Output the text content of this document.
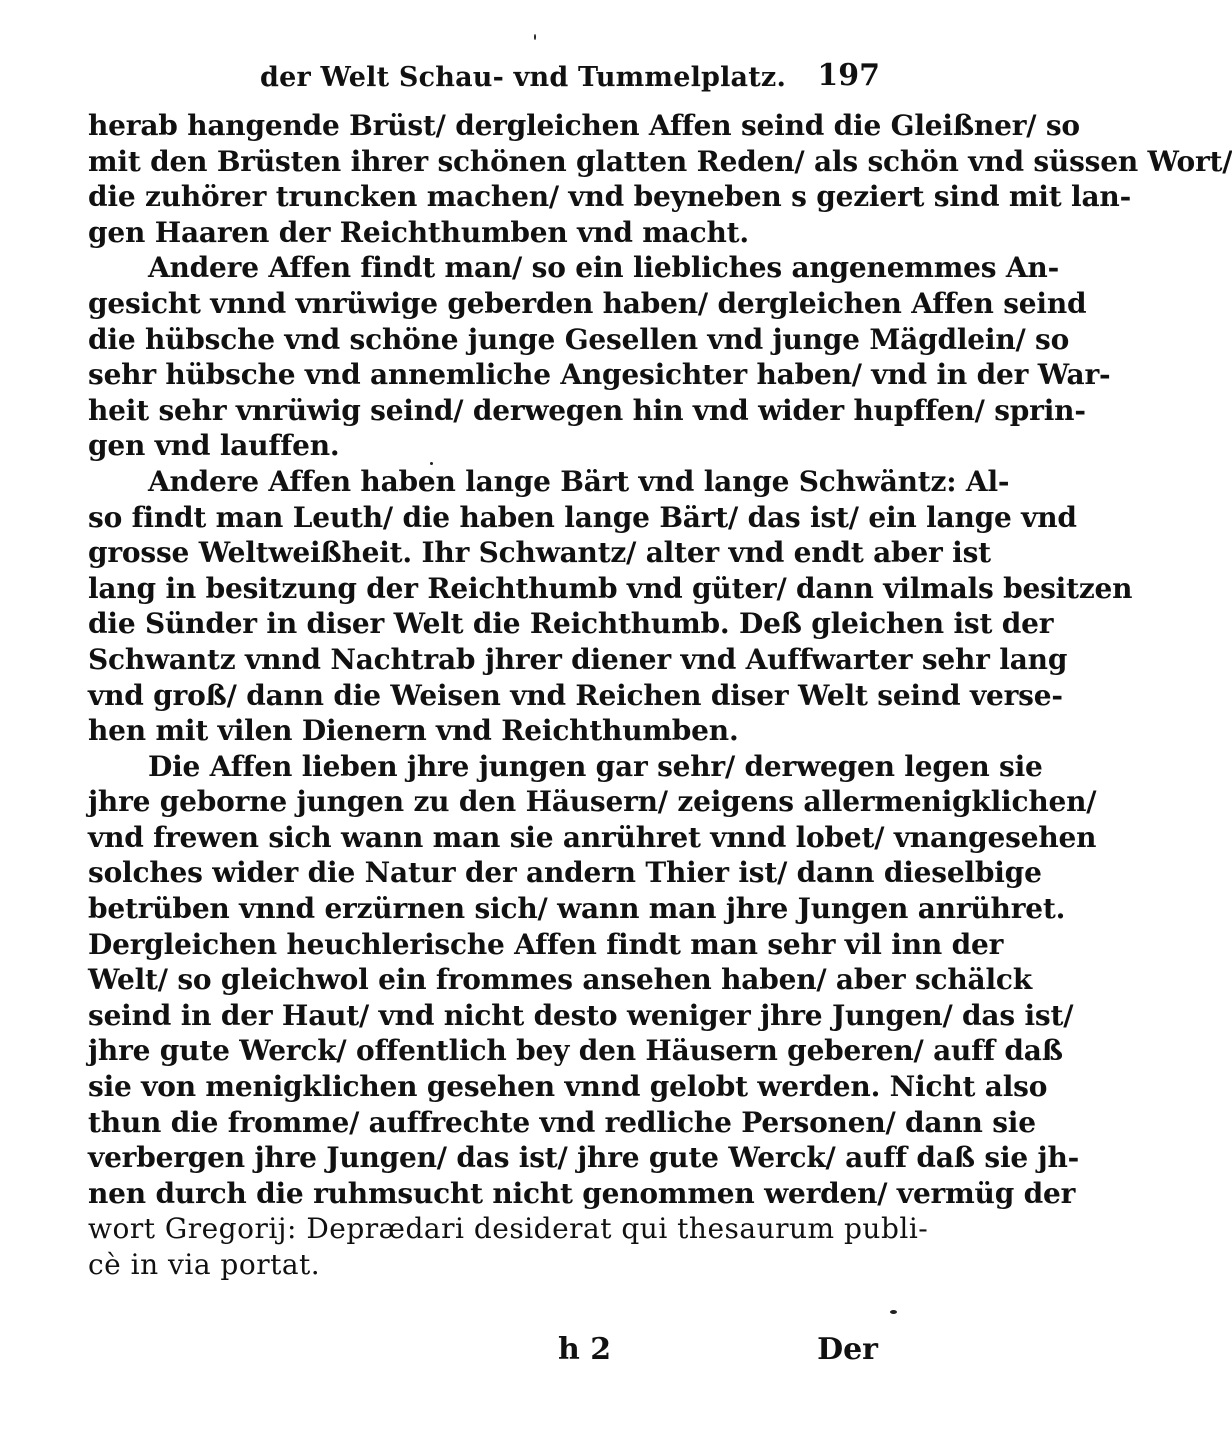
der Welt Schau- vnd Tummelplatz. 197
herab hangende Brüst/ dergleichen Affen seind die Gleißner/ so
mit den Brüsten ihrer schönen glatten Reden/ als schön vnd süssen Wort/
die zuhörer truncken machen/ vnd beyneben s geziert sind mit lan-
gen Haaren der Reichthumben vnd macht.
Andere Affen findt man/ so ein liebliches angenemmes An-
gesicht vnnd vnrüwige geberden haben/ dergleichen Affen seind
die hübsche vnd schöne junge Gesellen vnd junge Mägdlein/ so
sehr hübsche vnd annemliche Angesichter haben/ vnd in der War-
heit sehr vnrüwig seind/ derwegen hin vnd wider hupffen/ sprin-
gen vnd lauffen.
Andere Affen haben lange Bärt vnd lange Schwäntz: Al-
so findt man Leuth/ die haben lange Bärt/ das ist/ ein lange vnd
grosse Weltweißheit. Ihr Schwantz/ alter vnd endt aber ist
lang in besitzung der Reichthumb vnd güter/ dann vilmals besitzen
die Sünder in diser Welt die Reichthumb. Deß gleichen ist der
Schwantz vnnd Nachtrab jhrer diener vnd Auffwarter sehr lang
vnd groß/ dann die Weisen vnd Reichen diser Welt seind verse-
hen mit vilen Dienern vnd Reichthumben.
Die Affen lieben jhre jungen gar sehr/ derwegen legen sie
jhre geborne jungen zu den Häusern/ zeigens allermenigklichen/
vnd frewen sich wann man sie anrühret vnnd lobet/ vnangesehen
solches wider die Natur der andern Thier ist/ dann dieselbige
betrüben vnnd erzürnen sich/ wann man jhre Jungen anrühret.
Dergleichen heuchlerische Affen findt man sehr vil inn der
Welt/ so gleichwol ein frommes ansehen haben/ aber schälck
seind in der Haut/ vnd nicht desto weniger jhre Jungen/ das ist/
jhre gute Werck/ offentlich bey den Häusern geberen/ auff daß
sie von menigklichen gesehen vnnd gelobt werden. Nicht also
thun die fromme/ auffrechte vnd redliche Personen/ dann sie
verbergen jhre Jungen/ das ist/ jhre gute Werck/ auff daß sie jh-
nen durch die ruhmsucht nicht genommen werden/ vermüg der
wort Gregorij: Deprædari desiderat qui thesaurum publi-
cè in via portat.
h 2	Der
